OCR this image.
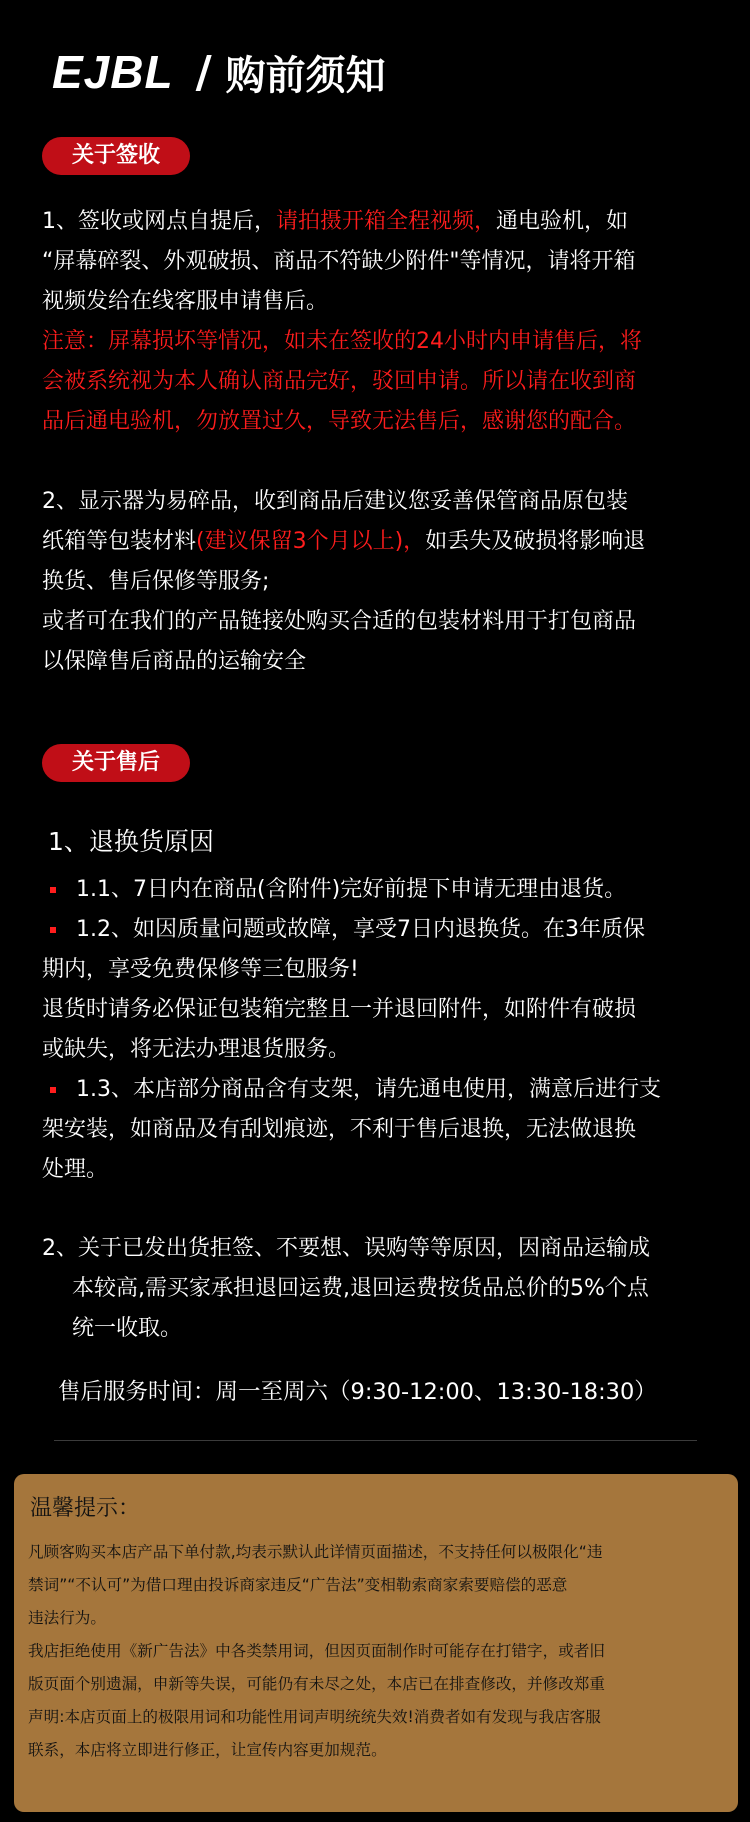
EJBL / 购前须知
关于签收
1、签收或网点自提后，请拍摄开箱全程视频，通电验机，如
“屏幕碎裂、外观破损、商品不符缺少附件"等情况，请将开箱
视频发给在线客服申请售后。
注意：屏幕损坏等情况，如未在签收的24小时内申请售后，将
会被系统视为本人确认商品完好，驳回申请。所以请在收到商
品后通电验机，勿放置过久，导致无法售后，感谢您的配合。
2、显示器为易碎品，收到商品后建议您妥善保管商品原包装
纸箱等包装材料(建议保留3个月以上)，如丢失及破损将影响退
换货、售后保修等服务;
或者可在我们的产品链接处购买合适的包装材料用于打包商品
以保障售后商品的运输安全
关于售后
1、退换货原因
1.1、7日内在商品(含附件)完好前提下申请无理由退货。
1.2、如因质量问题或故障，享受7日内退换货。在3年质保
期内，享受免费保修等三包服务!
退货时请务必保证包装箱完整且一并退回附件，如附件有破损
或缺失，将无法办理退货服务。
1.3、本店部分商品含有支架，请先通电使用，满意后进行支
架安装，如商品及有刮划痕迹，不利于售后退换，无法做退换
处理。
2、关于已发出货拒签、不要想、误购等等原因，因商品运输成
本较高,需买家承担退回运费,退回运费按货品总价的5%个点
统一收取。
售后服务时间：周一至周六（9:30-12:00、13:30-18:30）
温馨提示：
凡顾客购买本店产品下单付款,均表示默认此详情页面描述，不支持任何以极限化“违
禁词”“不认可”为借口理由投诉商家违反“广告法”变相勒索商家索要赔偿的恶意
违法行为。
我店拒绝使用《新广告法》中各类禁用词，但因页面制作时可能存在打错字，或者旧
版页面个别遗漏，申新等失误，可能仍有未尽之处，本店已在排查修改，并修改郑重
声明:本店页面上的极限用词和功能性用词声明统统失效!消费者如有发现与我店客服
联系，本店将立即进行修正，让宣传内容更加规范。
